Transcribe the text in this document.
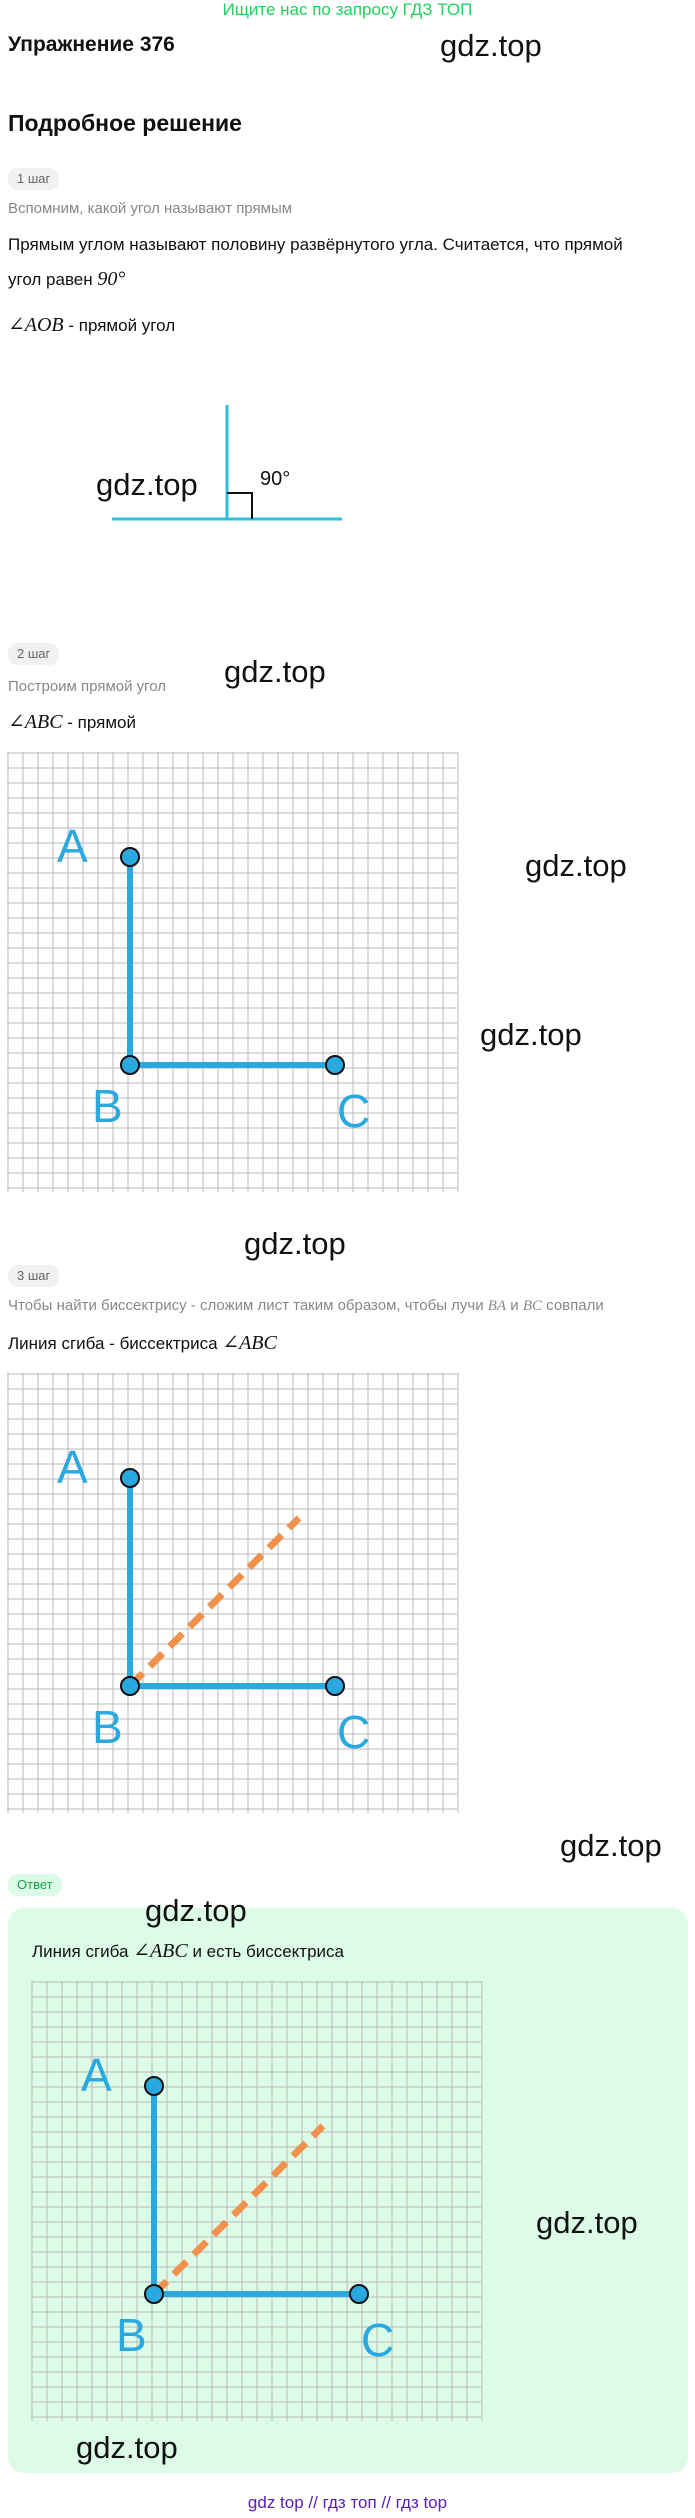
Ищите нас по запросу ГДЗ ТОП
Упражнение 376	gdz.top
Подробное решение
1 шаг
Вспомним, какой угол называют прямым
Прямым углом называют половину развёрнутого угла. Считается, что прямой
угол равен 90°
∠AOB - прямой угол
90°
gdz.top
2 шаг
gdz.top
Построим прямой угол
∠ABC - прямой
A
B	C
gdz.top
gdz.top
gdz.top
3 шаг
Чтобы найти биссектрису - сложим лист таким образом, чтобы лучи BA и BC совпали
Линия сгиба - биссектриса ∠ABC
A
B	C
gdz.top
Ответ
gdz.top
Линия сгиба ∠ABC и есть биссектриса
A
B	C
gdz.top
gdz.top
gdz top // гдз топ // гдз top
